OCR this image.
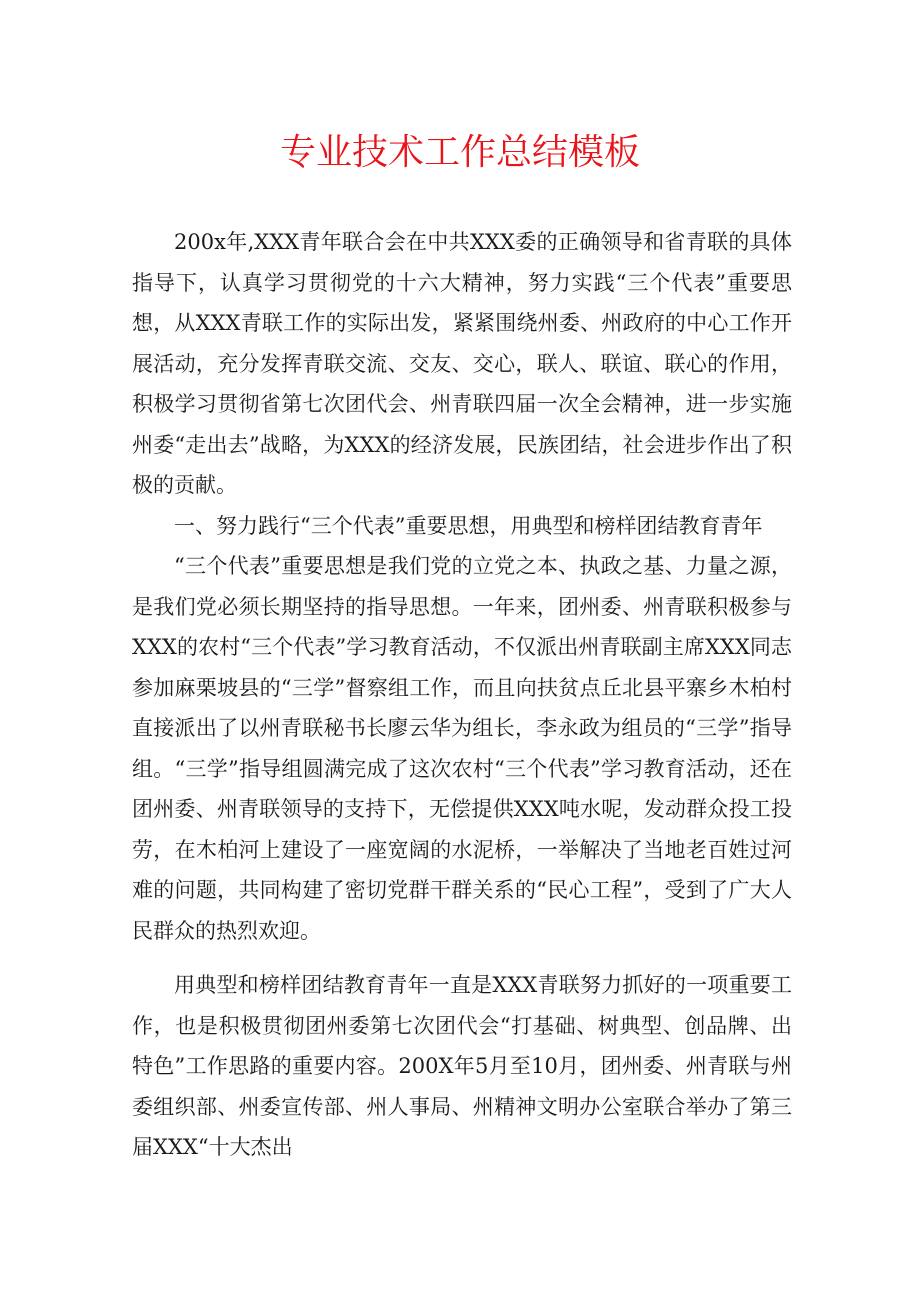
专业技术工作总结模板

200x年,XXX青年联合会在中共XXX委的正确领导和省青联的具体指导下，认真学习贯彻党的十六大精神，努力实践“三个代表”重要思想，从XXX青联工作的实际出发，紧紧围绕州委、州政府的中心工作开展活动，充分发挥青联交流、交友、交心，联人、联谊、联心的作用，积极学习贯彻省第七次团代会、州青联四届一次全会精神，进一步实施州委“走出去”战略，为XXX的经济发展，民族团结，社会进步作出了积极的贡献。

一、努力践行“三个代表”重要思想，用典型和榜样团结教育青年

“三个代表”重要思想是我们党的立党之本、执政之基、力量之源，是我们党必须长期坚持的指导思想。一年来，团州委、州青联积极参与XXX的农村“三个代表”学习教育活动，不仅派出州青联副主席XXX同志参加麻栗坡县的“三学”督察组工作，而且向扶贫点丘北县平寨乡木柏村直接派出了以州青联秘书长廖云华为组长，李永政为组员的“三学”指导组。“三学”指导组圆满完成了这次农村“三个代表”学习教育活动，还在团州委、州青联领导的支持下，无偿提供XXX吨水呢，发动群众投工投劳，在木柏河上建设了一座宽阔的水泥桥，一举解决了当地老百姓过河难的问题，共同构建了密切党群干群关系的“民心工程”，受到了广大人民群众的热烈欢迎。

用典型和榜样团结教育青年一直是XXX青联努力抓好的一项重要工作，也是积极贯彻团州委第七次团代会“打基础、树典型、创品牌、出特色”工作思路的重要内容。200X年5月至10月，团州委、州青联与州委组织部、州委宣传部、州人事局、州精神文明办公室联合举办了第三届XXX“十大杰出
